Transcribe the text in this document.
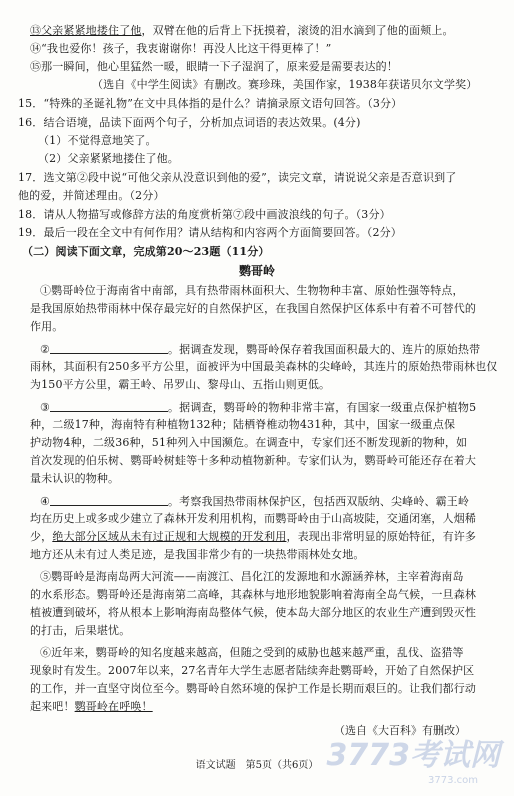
⑬父亲紧紧地搂住了他，双臂在他的后背上下抚摸着，滚烫的泪水滴到了他的面颊上。
⑭“我也爱你！孩子，我衷谢谢你！再没人比这干得更棒了！”
⑮那一瞬间，他心里猛然一暖，眼睛一下子湿润了，原来爱是需要表达的！
（选自《中学生阅读》有删改。赛珍珠，美国作家，1938年获诺贝尔文学奖）
15．“特殊的圣诞礼物”在文中具体指的是什么？请摘录原文语句回答。（3分）
16．结合语境，品读下面两个句子，分析加点词语的表达效果。(4分)
（1）不觉得意地笑了。
（2）父亲紧紧地搂住了他。
17．选文第②段中说“可他父亲从没意识到他的爱”，读完文章，请说说父亲是否意识到了
他的爱，并简述理由。（2分）
18．请从人物描写或修辞方法的角度赏析第⑦段中画波浪线的句子。（3分）
19．最后一段在全文中有何作用？请从结构和内容两个方面简要回答。（2分）
（二）阅读下面文章，完成第20～23题（11分）
鹦哥岭
①鹦哥岭位于海南省中南部，具有热带雨林面积大、生物物种丰富、原始性强等特点，
是我国原始热带雨林中保存最完好的自然保护区，在我国自然保护区体系中有着不可替代的
作用。
②	。据调查发现，鹦哥岭保存着我国面积最大的、连片的原始热带
雨林，其面积有250多平方公里，面被评为中国最美森林的尖峰岭，其连片的原始热带雨林也仅
为150平方公里，霸王岭、吊罗山、黎母山、五指山则更低。
③	。据调查，鹦哥岭的物种非常丰富，有国家一级重点保护植物5
种，二级17种，海南特有种植物132种；陆栖脊椎动物431种，其中，国家一级重点保
护动物4种，二级36种，51种列入中国濒危。在调查中，专家们还不断发现新的物种，如
首次发现的伯乐树、鹦哥岭树蛙等十多种动植物新种。专家们认为，鹦哥岭可能还存在着大
量未认识的物种。
④	。考察我国热带雨林保护区，包括西双版纳、尖峰岭、霸王岭
均在历史上或多或少建立了森林开发利用机构，而鹦哥岭由于山高坡陡，交通闭塞，人烟稀
少，绝大部分区域从未有过正规和大规模的开发利用，表现出非常明显的原始特征，有许多
地方还从未有过人类足迹，是我国非常少有的一块热带雨林处女地。
⑤鹦哥岭是海南岛两大河流——南渡江、昌化江的发源地和水源涵养林，主宰着海南岛
的水系形态。鹦哥岭还是海南第二高峰，其森林与地形地貌影响着海南全岛气候，一旦森林
植被遭到破坏，将从根本上影响海南岛整体气候，使本岛大部分地区的农业生产遭到毁灭性
的打击，后果堪忧。
⑥近年来，鹦哥岭的知名度越来越高，但随之受到的威胁也越来越严重，乱伐、盗猎等
现象时有发生。2007年以来，27名青年大学生志愿者陆续奔赴鹦哥岭，开始了自然保护区
的工作，并一直坚守岗位至今。鹦哥岭自然环境的保护工作是长期而艰巨的。让我们都行动
起来吧！鹦哥岭在呼唤！
（选自《大百科》有删改）
语文试题　第5页（共6页） 3773考试网
3773.com
